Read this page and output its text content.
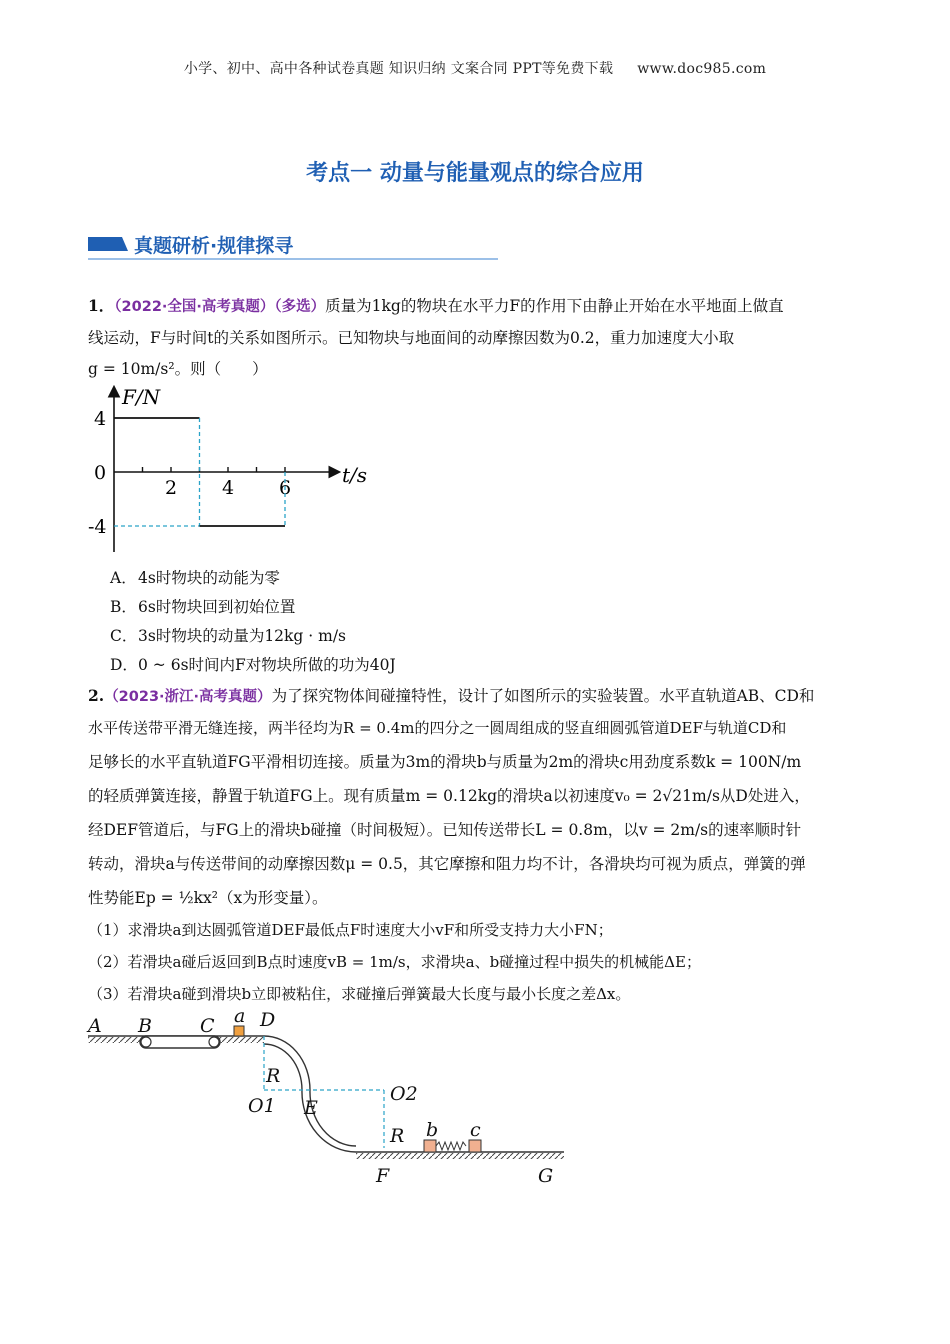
小学、初中、高中各种试卷真题 知识归纳 文案合同 PPT等免费下载 www.doc985.com
考点一 动量与能量观点的综合应用
真题研析·规律探寻
1．（2022·全国·高考真题）（多选）质量为1kg的物块在水平力F的作用下由静止开始在水平地面上做直
线运动，F与时间t的关系如图所示。已知物块与地面间的动摩擦因数为0.2，重力加速度大小取
g = 10m/s²。则（　　）
F/N
t/s
2 4 6
4
0
-4
A．4s时物块的动能为零
B．6s时物块回到初始位置
C．3s时物块的动量为12kg · m/s
D．0 ~ 6s时间内F对物块所做的功为40J
2.（2023·浙江·高考真题）为了探究物体间碰撞特性，设计了如图所示的实验装置。水平直轨道AB、CD和
水平传送带平滑无缝连接，两半径均为R = 0.4m的四分之一圆周组成的竖直细圆弧管道DEF与轨道CD和
足够长的水平直轨道FG平滑相切连接。质量为3m的滑块b与质量为2m的滑块c用劲度系数k = 100N/m
的轻质弹簧连接，静置于轨道FG上。现有质量m = 0.12kg的滑块a以初速度v₀ = 2√21m/s从D处进入，
经DEF管道后，与FG上的滑块b碰撞（时间极短）。已知传送带长L = 0.8m，以v = 2m/s的速率顺时针
转动，滑块a与传送带间的动摩擦因数μ = 0.5，其它摩擦和阻力均不计，各滑块均可视为质点，弹簧的弹
性势能Ep = ½kx²（x为形变量）。
（1）求滑块a到达圆弧管道DEF最低点F时速度大小vF和所受支持力大小FN；
（2）若滑块a碰后返回到B点时速度vB = 1m/s，求滑块a、b碰撞过程中损失的机械能ΔE；
（3）若滑块a碰到滑块b立即被粘住，求碰撞后弹簧最大长度与最小长度之差Δx。
A B	C a D
R
O1 E
O2
R b c
F	G
